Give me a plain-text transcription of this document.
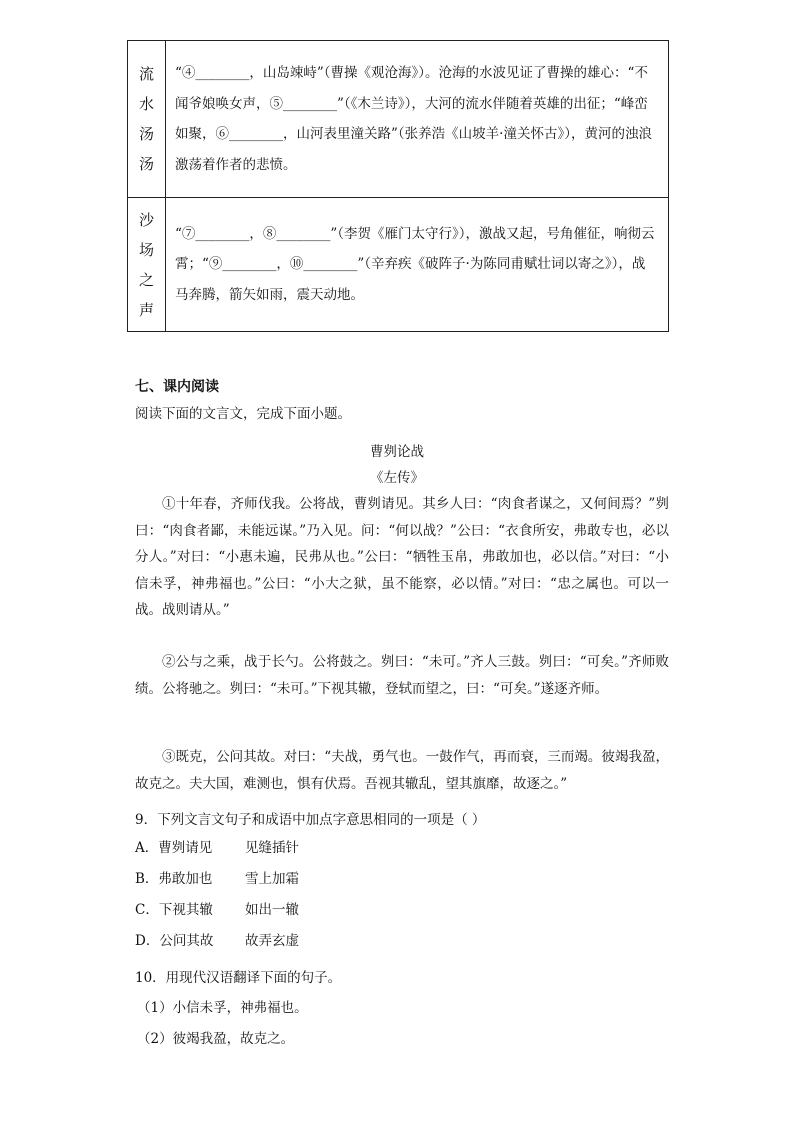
流
水
汤
汤	“④________，山岛竦峙”（曹操《观沧海》）。沧海的水波见证了曹操的雄心：“不闻爷娘唤女声，⑤________”（《木兰诗》），大河的流水伴随着英雄的出征；“峰峦如聚，⑥________，山河表里潼关路”（张养浩《山坡羊·潼关怀古》），黄河的浊浪激荡着作者的悲愤。

沙
场
之
声	“⑦________，⑧________”（李贺《雁门太守行》），激战又起，号角催征，响彻云霄；“⑨________，⑩________”（辛弃疾《破阵子·为陈同甫赋壮词以寄之》），战马奔腾，箭矢如雨，震天动地。
七、课内阅读
阅读下面的文言文，完成下面小题。
曹刿论战
《左传》

①十年春，齐师伐我。公将战，曹刿请见。其乡人曰：“肉食者谋之，又何间焉？”刿曰：“肉食者鄙，未能远谋。”乃入见。问：“何以战？”公曰：“衣食所安，弗敢专也，必以分人。”对曰：“小惠未遍，民弗从也。”公曰：“牺牲玉帛，弗敢加也，必以信。”对曰：“小信未孚，神弗福也。”公曰：“小大之狱，虽不能察，必以情。”对曰：“忠之属也。可以一战。战则请从。”

②公与之乘，战于长勺。公将鼓之。刿曰：“未可。”齐人三鼓。刿曰：“可矣。”齐师败绩。公将驰之。刿曰：“未可。”下视其辙，登轼而望之，曰：“可矣。”遂逐齐师。

③既克，公问其故。对曰：“夫战，勇气也。一鼓作气，再而衰，三而竭。彼竭我盈，故克之。夫大国，难测也，惧有伏焉。吾视其辙乱，望其旗靡，故逐之。”

9．下列文言文句子和成语中加点字意思相同的一项是（ ）
A．曹刿请见 见缝插针
B．弗敢加也 雪上加霜
C．下视其辙 如出一辙
D．公问其故 故弄玄虚
10．用现代汉语翻译下面的句子。
（1）小信未孚，神弗福也。
（2）彼竭我盈，故克之。
